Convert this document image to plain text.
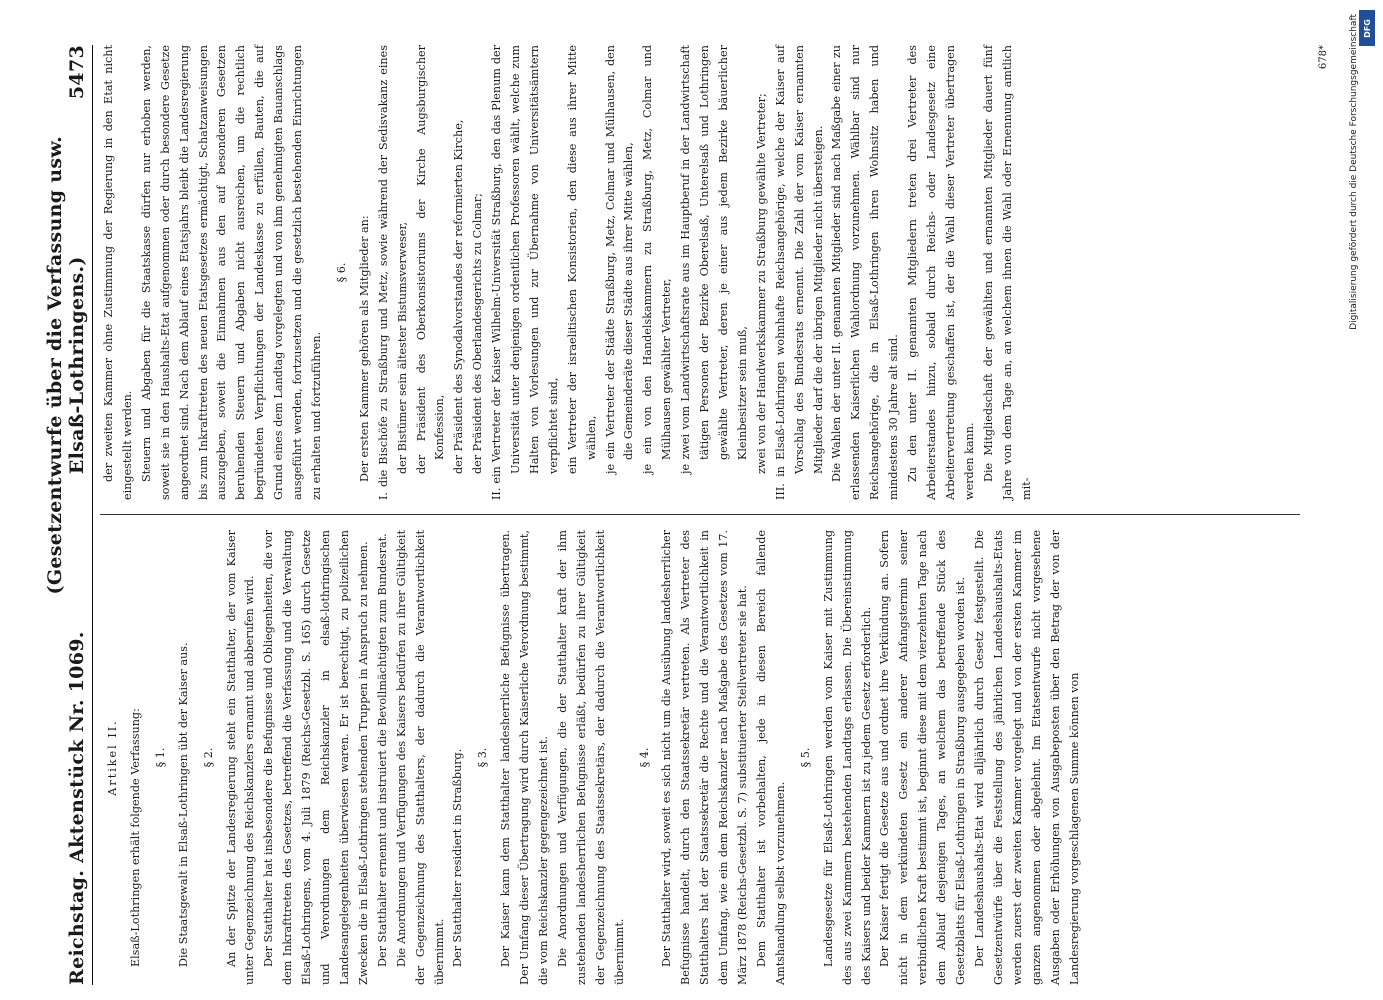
Reichstag. Aktenstück Nr. 1069.
(Gesetzentwurfe über die Verfassung usw. Elsaß-Lothringens.)
5473

Artikel II. Elsaß-Lothringen erhält folgende Verfassung:	§ 1. Die Staatsgewalt in Elsaß-Lothringen übt der Kaiser aus.	§ 2. An der Spitze der Landesregierung steht ein Statthalter, der vom Kaiser unter Gegenzeichnung des Reichskanzlers ernannt und abberufen wird. Der Statthalter hat insbesondere die Befugnisse und Obliegenheiten, die vor dem Inkrafttreten des Gesetzes, betreffend die Verfassung und die Verwaltung Elsaß-Lothringens, vom 4. Juli 1879 (Reichs-Gesetzbl. S. 165) durch Gesetze und Verordnungen dem Reichskanzler in elsaß-lothringischen Landesangelegenheiten überwiesen waren. Er ist berechtigt, zu polizeilichen Zwecken die in Elsaß-Lothringen stehenden Truppen in Anspruch zu nehmen. Der Statthalter ernennt und instruiert die Bevollmächtigten zum Bundesrat. Die Anordnungen und Verfügungen des Kaisers bedürfen zu ihrer Gültigkeit der Gegenzeichnung des Statthalters, der dadurch die Verantwortlichkeit übernimmt. Der Statthalter residiert in Straßburg.	§ 3. Der Kaiser kann dem Statthalter landesherrliche Befugnisse übertragen. Der Umfang dieser Übertragung wird durch Kaiserliche Verordnung bestimmt, die vom Reichskanzler gegengezeichnet ist. Die Anordnungen und Verfügungen, die der Statthalter kraft der ihm zustehenden landesherrlichen Befugnisse erläßt, bedürfen zu ihrer Gültigkeit der Gegenzeichnung des Staatssekretärs, der dadurch die Verantwortlichkeit übernimmt.

§ 4. Der Statthalter wird, soweit es sich nicht um die Ausübung landesherrlicher Befugnisse handelt, durch den Staatssekretär vertreten. Als Vertreter des Statthalters hat der Staatssekretär die Rechte und die Verantwortlichkeit in dem Umfang, wie ein dem Reichskanzler nach Maßgabe des Gesetzes vom 17. März 1878 (Reichs-Gesetzbl. S. 7) substituierter Stellvertreter sie hat. Dem Statthalter ist vorbehalten, jede in diesen Bereich fallende Amtshandlung selbst vorzunehmen.

§ 5. Landesgesetze für Elsaß-Lothringen werden vom Kaiser mit Zustimmung des aus zwei Kammern bestehenden Landtags erlassen. Die Übereinstimmung des Kaisers und beider Kammern ist zu jedem Gesetz erforderlich. Der Kaiser fertigt die Gesetze aus und ordnet ihre Verkündung an. Sofern nicht in dem verkündeten Gesetz ein anderer Anfangstermin seiner verbindlichen Kraft bestimmt ist, beginnt diese mit dem vierzehnten Tage nach dem Ablauf desjenigen Tages, an welchem das betreffende Stück des Gesetzblatts für Elsaß-Lothringen in Straßburg ausgegeben worden ist. Der Landeshaushalts-Etat wird alljährlich durch Gesetz festgestellt. Die Gesetzentwürfe über die Feststellung des jährlichen Landeshaushalts-Etats werden zuerst der zweiten Kammer vorgelegt und von der ersten Kammer im ganzen angenommen oder abgelehnt. Im Etatsentwurfe nicht vorgesehene Ausgaben oder Erhöhungen von Ausgabeposten über den Betrag der von der Landesregierung vorgeschlagenen Summe können von

der zweiten Kammer ohne Zustimmung der Regierung in den Etat nicht eingestellt werden. Steuern und Abgaben für die Staatskasse dürfen nur erhoben werden, soweit sie in den Haushalts-Etat aufgenommen oder durch besondere Gesetze angeordnet sind. Nach dem Ablauf eines Etatsjahrs bleibt die Landesregierung bis zum Inkrafttreten des neuen Etatsgesetzes ermächtigt, Schatzanweisungen auszugeben, soweit die Einnahmen aus den auf besonderen Gesetzen beruhenden Steuern und Abgaben nicht ausreichen, um die rechtlich begründeten Verpflichtungen der Landeskasse zu erfüllen, Bauten, die auf Grund eines dem Landtag vorgelegten und von ihm genehmigten Bauanschlags ausgeführt werden, fortzusetzen und die gesetzlich bestehenden Einrichtungen zu erhalten und fortzuführen.

§ 6. Der ersten Kammer gehören als Mitglieder an: I. die Bischöfe zu Straßburg und Metz, sowie während der Sedisvakanz eines der Bistümer sein ältester Bistumsverweser, der Präsident des Oberkonsistoriums der Kirche Augsburgischer Konfession, der Präsident des Synodalvorstandes der reformierten Kirche, der Präsident des Oberlandesgerichts zu Colmar; II. ein Vertreter der Kaiser Wilhelm-Universität Straßburg, den das Plenum der Universität unter denjenigen ordentlichen Professoren wählt, welche zum Halten von Vorlesungen und zur Übernahme von Universitätsämtern verpflichtet sind, ein Vertreter der israelitischen Konsistorien, den diese aus ihrer Mitte wählen, je ein Vertreter der Städte Straßburg, Metz, Colmar und Mülhausen, den die Gemeinderäte dieser Städte aus ihrer Mitte wählen, je ein von den Handelskammern zu Straßburg, Metz, Colmar und Mülhausen gewählter Vertreter, je zwei vom Landwirtschaftsrate aus im Hauptberuf in der Landwirtschaft tätigen Personen der Bezirke Oberelsaß, Unterelsaß und Lothringen gewählte Vertreter, deren je einer aus jedem Bezirke bäuerlicher Kleinbesitzer sein muß, zwei von der Handwerkskammer zu Straßburg gewählte Vertreter; III. in Elsaß-Lothringen wohnhafte Reichsangehörige, welche der Kaiser auf Vorschlag des Bundesrats ernennt. Die Zahl der vom Kaiser ernannten Mitglieder darf die der übrigen Mitglieder nicht übersteigen. Die Wahlen der unter II. genannten Mitglieder sind nach Maßgabe einer zu erlassenden Kaiserlichen Wahlordnung vorzunehmen. Wählbar sind nur Reichsangehörige, die in Elsaß-Lothringen ihren Wohnsitz haben und mindestens 30 Jahre alt sind. Zu den unter II. genannten Mitgliedern treten drei Vertreter des Arbeiterstandes hinzu, sobald durch Reichs- oder Landesgesetz eine Arbeitervertretung geschaffen ist, der die Wahl dieser Vertreter übertragen werden kann. Die Mitgliedschaft der gewählten und ernannten Mitglieder dauert fünf Jahre von dem Tage an, an welchem ihnen die Wahl oder Ernennung amtlich mit-

678* Digitalisierung gefördert durch die Deutsche Forschungsgemeinschaft DFG
